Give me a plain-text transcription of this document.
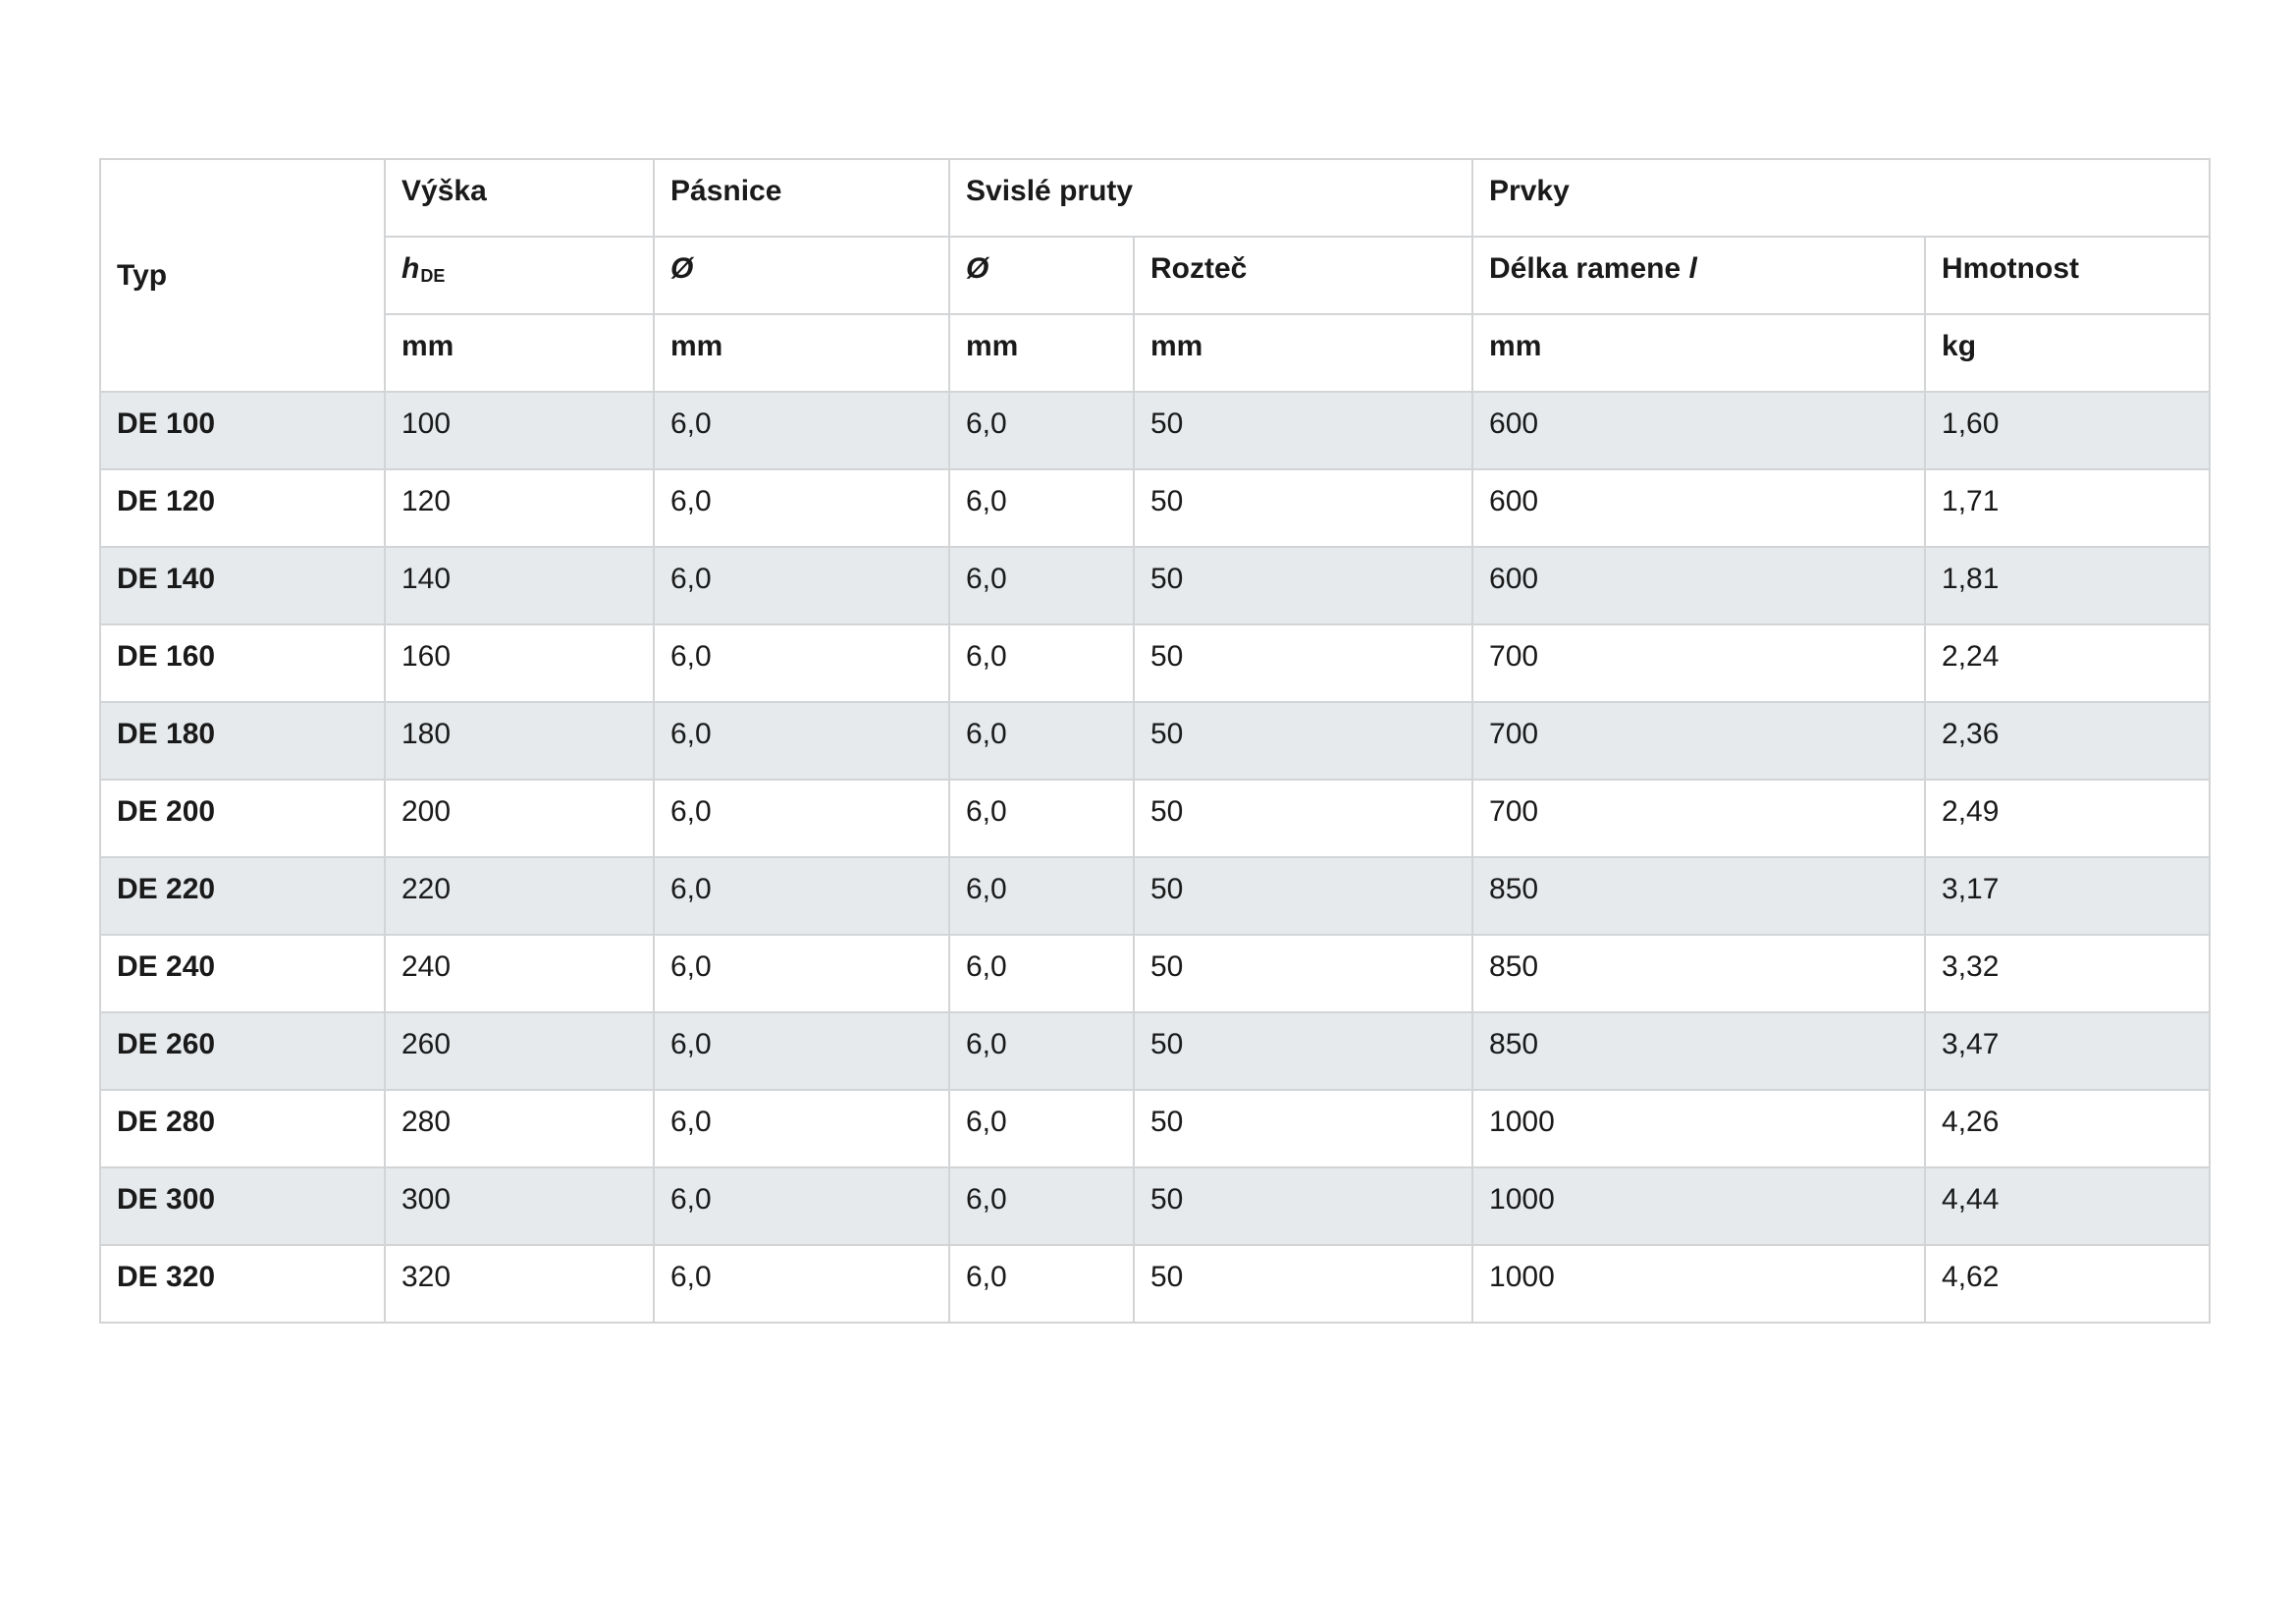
Typ	Výška	Pásnice	Svislé pruty		Prvky	
	hDE	Ø	Ø	Rozteč	Délka ramene l	Hmotnost
	mm	mm	mm	mm	mm	kg
DE 100	100	6,0	6,0	50	600	1,60
DE 120	120	6,0	6,0	50	600	1,71
DE 140	140	6,0	6,0	50	600	1,81
DE 160	160	6,0	6,0	50	700	2,24
DE 180	180	6,0	6,0	50	700	2,36
DE 200	200	6,0	6,0	50	700	2,49
DE 220	220	6,0	6,0	50	850	3,17
DE 240	240	6,0	6,0	50	850	3,32
DE 260	260	6,0	6,0	50	850	3,47
DE 280	280	6,0	6,0	50	1000	4,26
DE 300	300	6,0	6,0	50	1000	4,44
DE 320	320	6,0	6,0	50	1000	4,62
